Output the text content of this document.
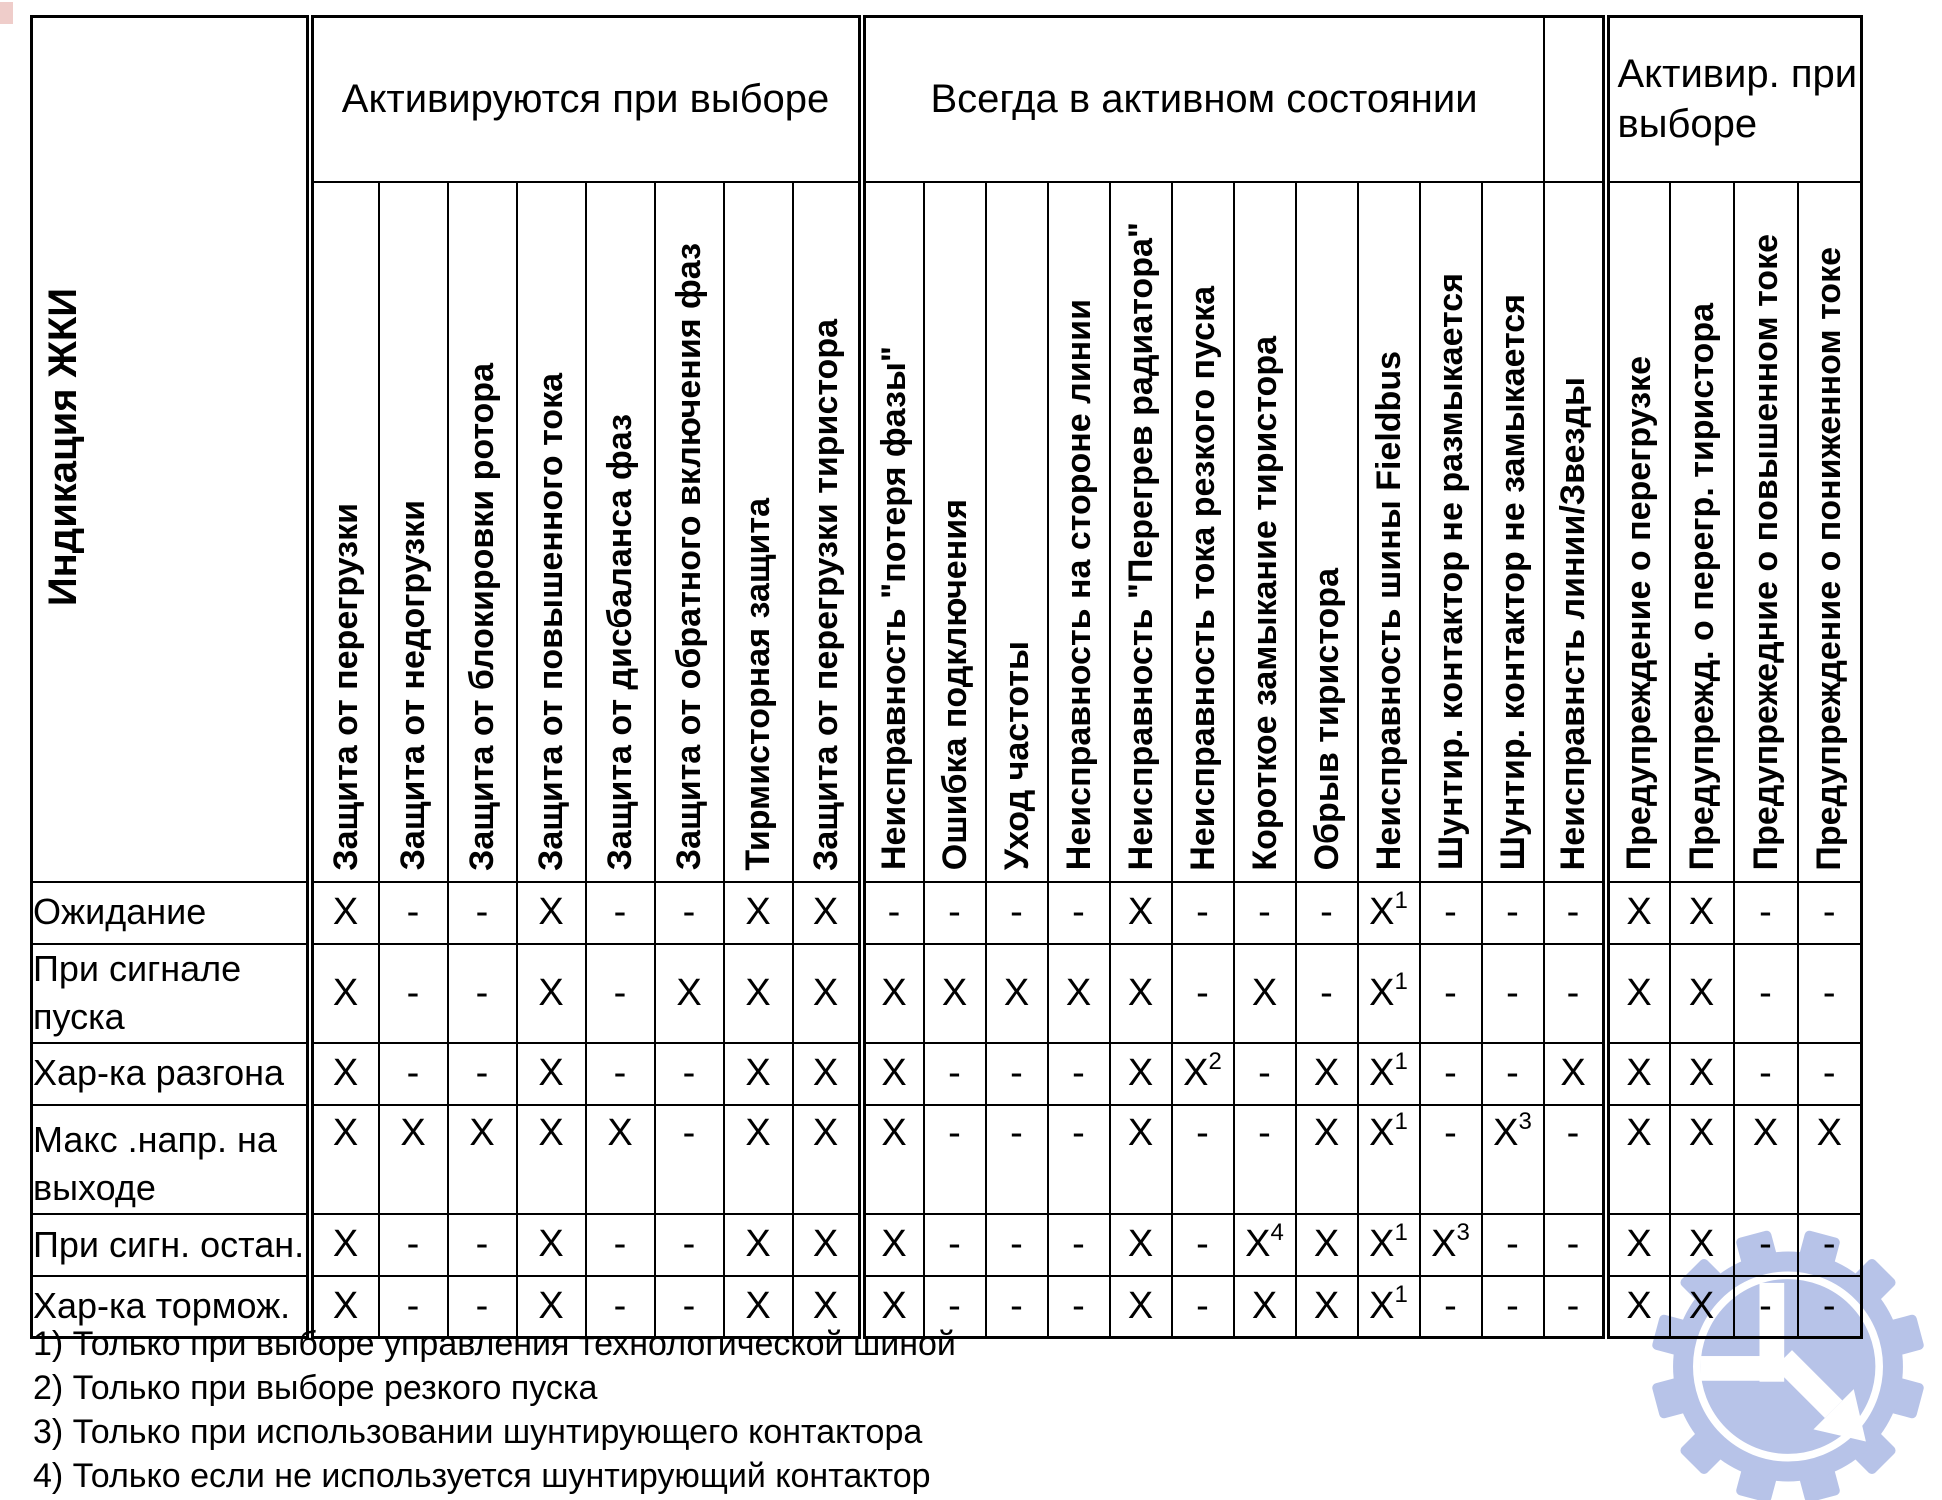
Индикация ЖКИ	Активируются при выборе								Всегда в активном состоянии												Активир. при выборе			

	Защита от перегрузки	Защита от недогрузки	Защита от блокировки ротора	Защита от повышенного тока	Защита от дисбаланса фаз	Защита от обратного включения фаз	Тирмисторная защита	Защита от перегрузки тиристора	Неисправность "потеря фазы"	Ошибка подключения	Уход частоты	Неисправность на стороне линии	Неисправность "Перегрев радиатора"	Неисправность тока резкого пуска	Короткое замыкание тиристора	Обрыв тиристора	Неисправность шины Fieldbus	Шунтир. контактор не размыкается	Шунтир. контактор не замыкается	Неисправнсть линии/Звезды	Предупреждение о перегрузке	Предупрежд. о перегр. тиристора	Предупрежедние о повышенном токе	Предупреждение о пониженном токе

Ожидание	X	-	-	X	-	-	X	X	-	-	-	-	X	-	-	-	$X^1$	-	-	-	X	X	-	-
При сигнале пуска	X	-	-	X	-	X	X	X	X	X	X	X	X	-	X	-	$X^1$	-	-	-	X	X	-	-
Хар-ка разгона	X	-	-	X	-	-	X	X	X	-	-	-	X	$X^2$	-	X	$X^1$	-	-	X	X	X	-	-
Макс .напр. на выходе	X	X	X	X	X	-	X	X	X	-	-	-	X	-	-	X	$X^1$	-	$X^3$	-	X	X	X	X
При сигн. остан.	X	-	-	X	-	-	X	X	X	-	-	-	X	-	$X^4$	X	$X^1$	$X^3$	-	-	X	X	-	-
Хар-ка тормож.	X	-	-	X	-	-	X	X	X	-	-	-	X	-	X	X	$X^1$	-	-	-	X	X	-	-
1) Только при выборе управления технологической шиной
2) Только при выборе резкого пуска
3) Только при использовании шунтирующего контактора
4) Только если не используется шунтирующий контактор
